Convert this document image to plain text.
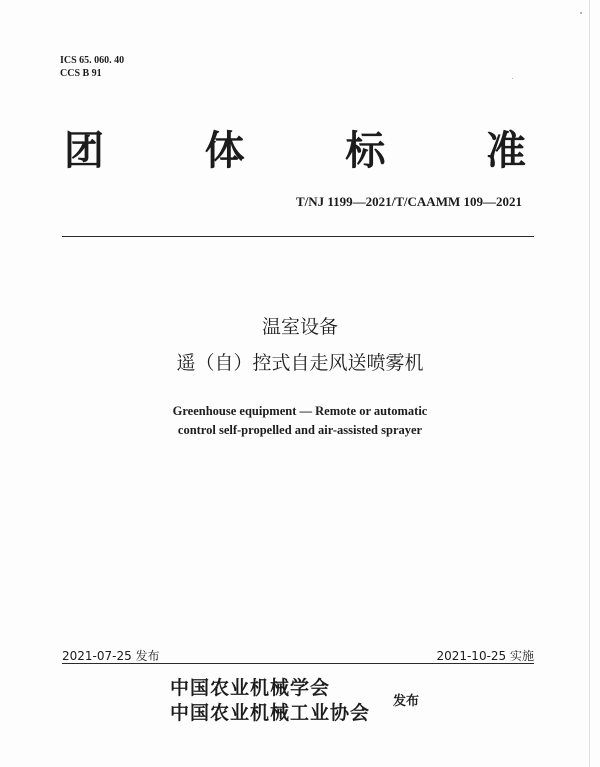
ICS 65. 060. 40
CCS B 91
团	体	标	准
T/NJ 1199—2021/T/CAAMM 109—2021
温室设备
遥（自）控式自走风送喷雾机
Greenhouse equipment — Remote or automatic
control self-propelled and air-assisted sprayer
2021-07-25 发布	2021-10-25 实施
中国农业机械学会
中国农业机械工业协会
发布
